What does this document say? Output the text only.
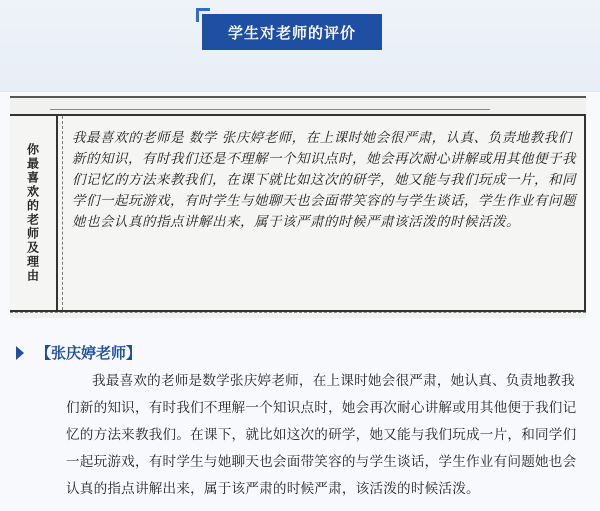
学生对老师的评价
你最喜欢的老师及理由
我最喜欢的老师是 数学 张庆婷老师，在上课时她会很严肃，认真、负责地教我们新的知识，有时我们还是不理解一个知识点时，她会再次耐心讲解或用其他便于我们记忆的方法来教我们，在课下就比如这次的研学，她又能与我们玩成一片，和同学们一起玩游戏，有时学生与她聊天也会面带笑容的与学生谈话，学生作业有问题她也会认真的指点讲解出来，属于该严肃的时候严肃该活泼的时候活泼。
【张庆婷老师】

我最喜欢的老师是数学张庆婷老师，在上课时她会很严肃，她认真、负责地教我们新的知识，有时我们不理解一个知识点时，她会再次耐心讲解或用其他便于我们记忆的方法来教我们。在课下，就比如这次的研学，她又能与我们玩成一片，和同学们一起玩游戏，有时学生与她聊天也会面带笑容的与学生谈话，学生作业有问题她也会认真的指点讲解出来，属于该严肃的时候严肃，该活泼的时候活泼。
